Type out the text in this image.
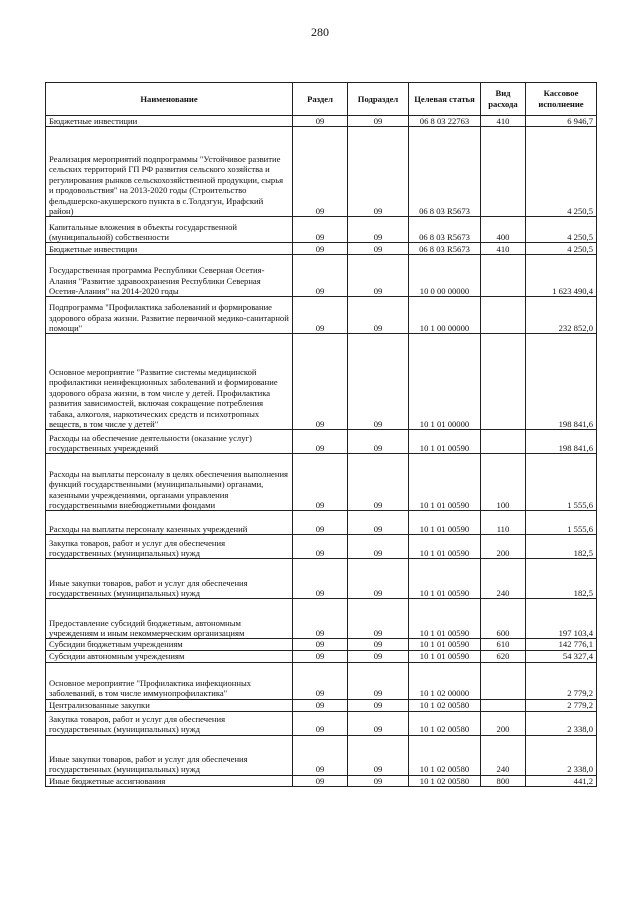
280
Наименование	Раздел	Подраздел	Целевая статья	Вид расхода	Кассовое исполнение
Бюджетные инвестиции	09	09	06 8 03 22763	410	6 946,7
Реализация мероприятий подпрограммы "Устойчивое развитие сельских территорий ГП РФ развития сельского хозяйства и регулирования рынков сельскохозяйственной продукции, сырья и продовольствия" на 2013-2020 годы (Строительство фельдшерско-акушерского пункта в с.Толдзгун, Ирафский район)	09	09	06 8 03 R5673		4 250,5
Капитальные вложения в объекты государственной (муниципальной) собственности	09	09	06 8 03 R5673	400	4 250,5
Бюджетные инвестиции	09	09	06 8 03 R5673	410	4 250,5
Государственная программа Республики Северная Осетия-Алания "Развитие здравоохранения Республики Северная Осетия-Алания" на 2014-2020 годы	09	09	10 0 00 00000		1 623 490,4
Подпрограмма "Профилактика заболеваний и формирование здорового образа жизни. Развитие первичной медико-санитарной помощи"	09	09	10 1 00 00000		232 852,0
Основное мероприятие "Развитие системы медицинской профилактики неинфекционных заболеваний и формирование здорового образа жизни, в том числе у детей. Профилактика развития зависимостей, включая сокращение потребления табака, алкоголя, наркотических средств и психотропных веществ, в том числе у детей"	09	09	10 1 01 00000		198 841,6
Расходы на обеспечение деятельности (оказание услуг) государственных учреждений	09	09	10 1 01 00590		198 841,6
Расходы на выплаты персоналу в целях обеспечения выполнения функций государственными (муниципальными) органами, казенными учреждениями, органами управления государственными внебюджетными фондами	09	09	10 1 01 00590	100	1 555,6
Расходы на выплаты персоналу казенных учреждений	09	09	10 1 01 00590	110	1 555,6
Закупка товаров, работ и услуг для обеспечения государственных (муниципальных) нужд	09	09	10 1 01 00590	200	182,5
Иные закупки товаров, работ и услуг для обеспечения государственных (муниципальных) нужд	09	09	10 1 01 00590	240	182,5
Предоставление субсидий бюджетным, автономным учреждениям и иным некоммерческим организациям	09	09	10 1 01 00590	600	197 103,4
Субсидии бюджетным учреждениям	09	09	10 1 01 00590	610	142 776,1
Субсидии автономным учреждениям	09	09	10 1 01 00590	620	54 327,4
Основное мероприятие "Профилактика инфекционных заболеваний, в том числе иммунопрофилактика"	09	09	10 1 02 00000		2 779,2
Централизованные закупки	09	09	10 1 02 00580		2 779,2
Закупка товаров, работ и услуг для обеспечения государственных (муниципальных) нужд	09	09	10 1 02 00580	200	2 338,0
Иные закупки товаров, работ и услуг для обеспечения государственных (муниципальных) нужд	09	09	10 1 02 00580	240	2 338,0
Иные бюджетные ассигнования	09	09	10 1 02 00580	800	441,2
